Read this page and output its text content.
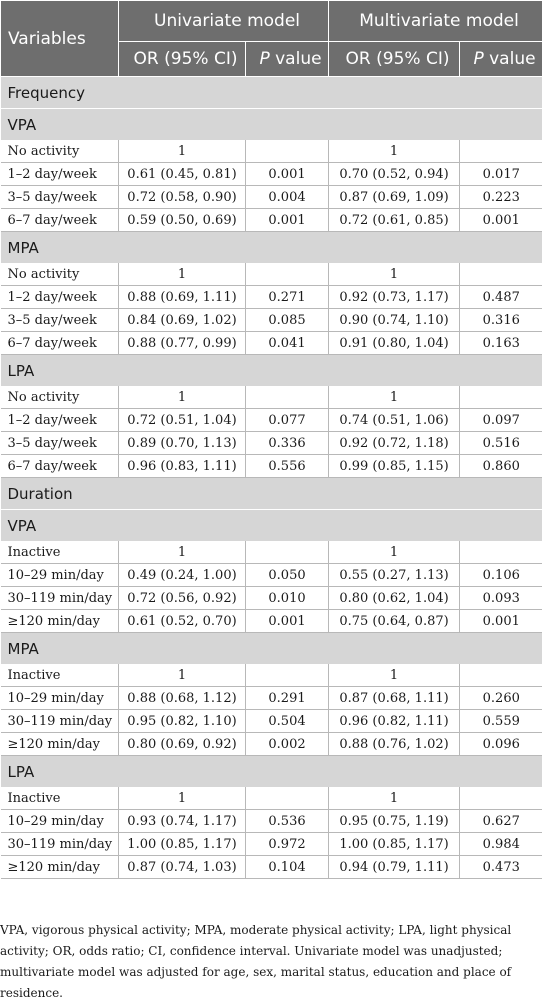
Variables	Univariate model		Multivariate model	
	OR (95% CI)	P value	OR (95% CI)	P value
Frequency				
VPA				
No activity	1		1	
1–2 day/week	0.61 (0.45, 0.81)	0.001	0.70 (0.52, 0.94)	0.017
3–5 day/week	0.72 (0.58, 0.90)	0.004	0.87 (0.69, 1.09)	0.223
6–7 day/week	0.59 (0.50, 0.69)	0.001	0.72 (0.61, 0.85)	0.001
MPA				
No activity	1		1	
1–2 day/week	0.88 (0.69, 1.11)	0.271	0.92 (0.73, 1.17)	0.487
3–5 day/week	0.84 (0.69, 1.02)	0.085	0.90 (0.74, 1.10)	0.316
6–7 day/week	0.88 (0.77, 0.99)	0.041	0.91 (0.80, 1.04)	0.163
LPA				
No activity	1		1	
1–2 day/week	0.72 (0.51, 1.04)	0.077	0.74 (0.51, 1.06)	0.097
3–5 day/week	0.89 (0.70, 1.13)	0.336	0.92 (0.72, 1.18)	0.516
6–7 day/week	0.96 (0.83, 1.11)	0.556	0.99 (0.85, 1.15)	0.860
Duration				
VPA				
Inactive	1		1	
10–29 min/day	0.49 (0.24, 1.00)	0.050	0.55 (0.27, 1.13)	0.106
30–119 min/day	0.72 (0.56, 0.92)	0.010	0.80 (0.62, 1.04)	0.093
≥120 min/day	0.61 (0.52, 0.70)	0.001	0.75 (0.64, 0.87)	0.001
MPA				
Inactive	1		1	
10–29 min/day	0.88 (0.68, 1.12)	0.291	0.87 (0.68, 1.11)	0.260
30–119 min/day	0.95 (0.82, 1.10)	0.504	0.96 (0.82, 1.11)	0.559
≥120 min/day	0.80 (0.69, 0.92)	0.002	0.88 (0.76, 1.02)	0.096
LPA				
Inactive	1		1	
10–29 min/day	0.93 (0.74, 1.17)	0.536	0.95 (0.75, 1.19)	0.627
30–119 min/day	1.00 (0.85, 1.17)	0.972	1.00 (0.85, 1.17)	0.984
≥120 min/day	0.87 (0.74, 1.03)	0.104	0.94 (0.79, 1.11)	0.473

VPA, vigorous physical activity; MPA, moderate physical activity; LPA, light physical activity; OR, odds ratio; CI, confidence interval. Univariate model was unadjusted; multivariate model was adjusted for age, sex, marital status, education and place of residence.
